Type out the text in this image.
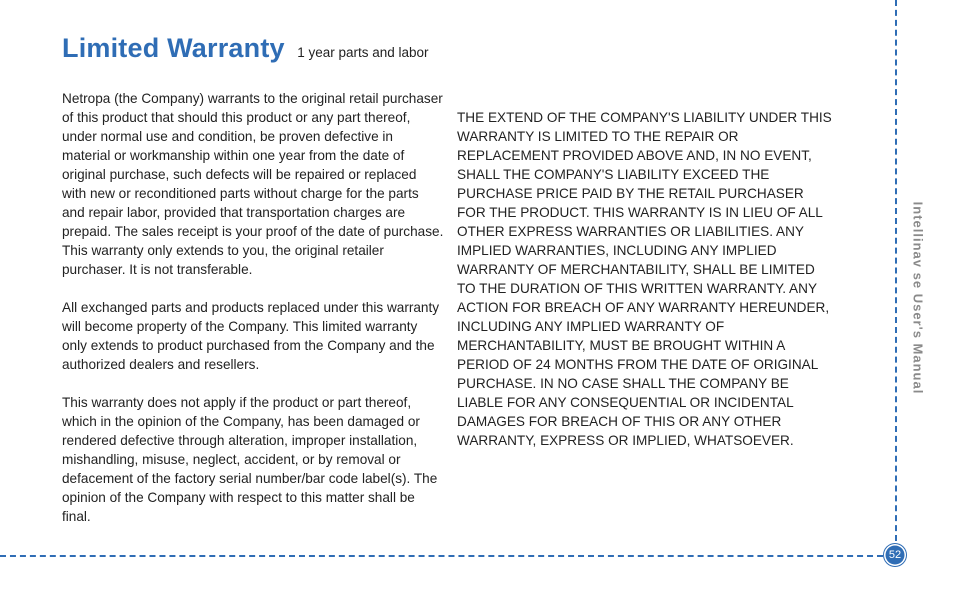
Limited Warranty 1 year parts and labor

Netropa (the Company) warrants to the original retail purchaser of this product that should this product or any part thereof, under normal use and condition, be proven defective in material or workmanship within one year from the date of original purchase, such defects will be repaired or replaced with new or reconditioned parts without charge for the parts and repair labor, provided that transportation charges are prepaid. The sales receipt is your proof of the date of purchase. This warranty only extends to you, the original retailer purchaser. It is not transferable.

All exchanged parts and products replaced under this warranty will become property of the Company. This limited warranty only extends to product purchased from the Company and the authorized dealers and resellers.

This warranty does not apply if the product or part thereof, which in the opinion of the Company, has been damaged or rendered defective through alteration, improper installation, mishandling, misuse, neglect, accident, or by removal or defacement of the factory serial number/bar code label(s). The opinion of the Company with respect to this matter shall be final.

THE EXTEND OF THE COMPANY'S LIABILITY UNDER THIS WARRANTY IS LIMITED TO THE REPAIR OR REPLACEMENT PROVIDED ABOVE AND, IN NO EVENT, SHALL THE COMPANY'S LIABILITY EXCEED THE PURCHASE PRICE PAID BY THE RETAIL PURCHASER FOR THE PRODUCT. THIS WARRANTY IS IN LIEU OF ALL OTHER EXPRESS WARRANTIES OR LIABILITIES. ANY IMPLIED WARRANTIES, INCLUDING ANY IMPLIED WARRANTY OF MERCHANTABILITY, SHALL BE LIMITED TO THE DURATION OF THIS WRITTEN WARRANTY. ANY ACTION FOR BREACH OF ANY WARRANTY HEREUNDER, INCLUDING ANY IMPLIED WARRANTY OF MERCHANTABILITY, MUST BE BROUGHT WITHIN A PERIOD OF 24 MONTHS FROM THE DATE OF ORIGINAL PURCHASE. IN NO CASE SHALL THE COMPANY BE LIABLE FOR ANY CONSEQUENTIAL OR INCIDENTAL DAMAGES FOR BREACH OF THIS OR ANY OTHER WARRANTY, EXPRESS OR IMPLIED, WHATSOEVER.

Intellinav se User's Manual
52
